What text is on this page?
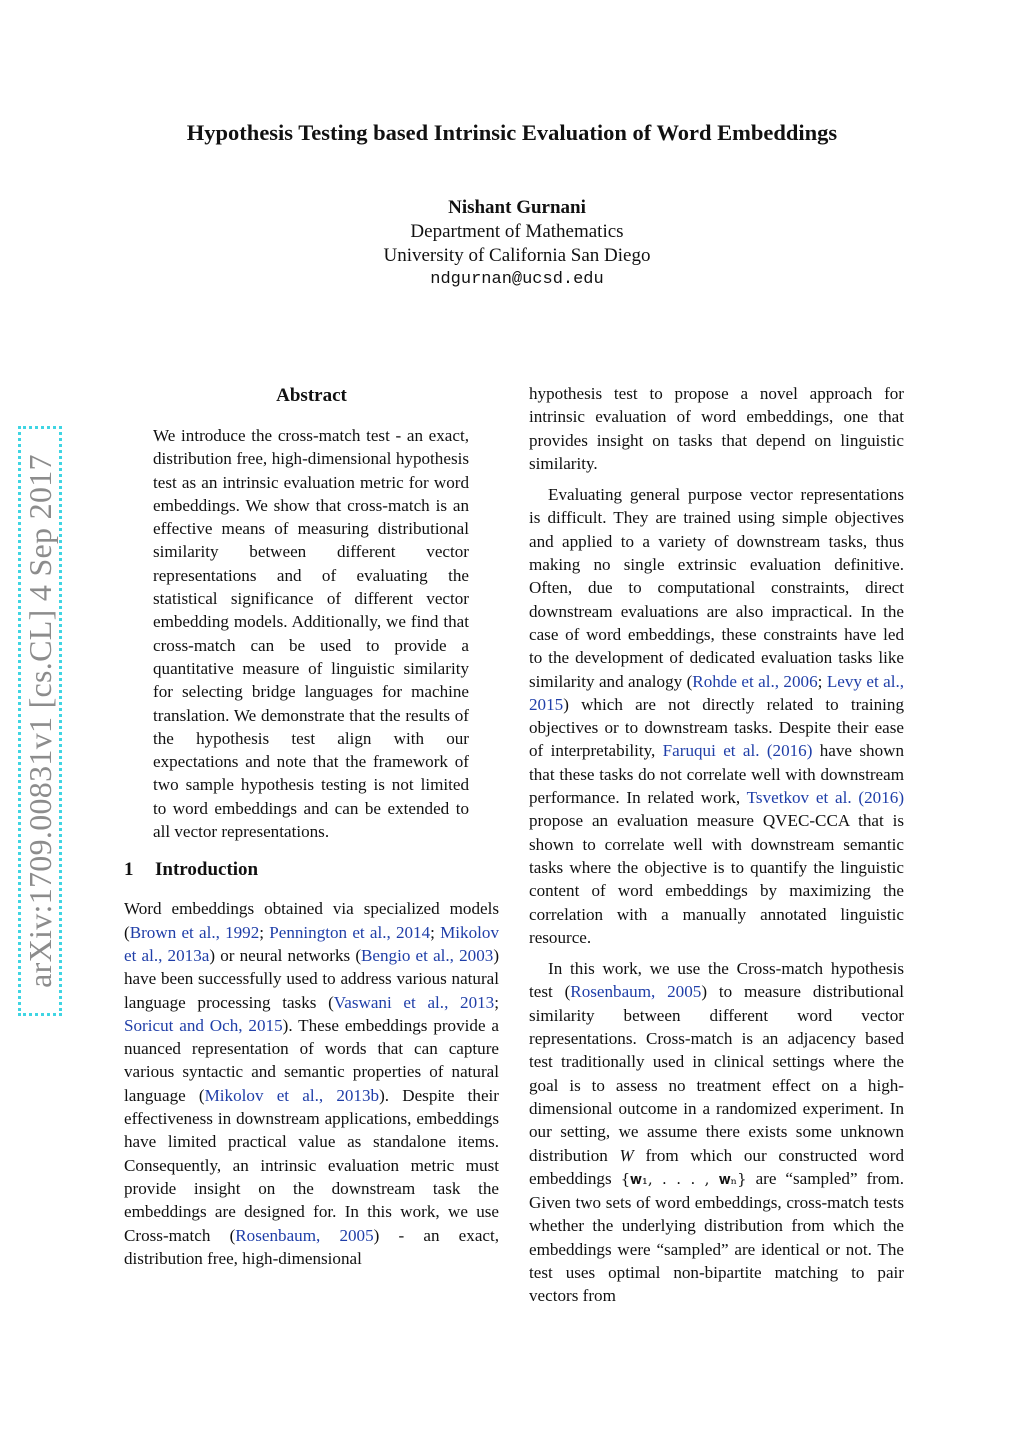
Hypothesis Testing based Intrinsic Evaluation of Word Embeddings
Nishant Gurnani
Department of Mathematics
University of California San Diego
ndgurnan@ucsd.edu
arXiv:1709.00831v1 [cs.CL] 4 Sep 2017
Abstract

We introduce the cross-match test - an exact, distribution free, high-dimensional hypothesis test as an intrinsic evaluation metric for word embeddings. We show that cross-match is an effective means of measuring distributional similarity between different vector representations and of evaluating the statistical significance of different vector embedding models. Additionally, we find that cross-match can be used to provide a quantitative measure of linguistic similarity for selecting bridge languages for machine translation. We demonstrate that the results of the hypothesis test align with our expectations and note that the framework of two sample hypothesis testing is not limited to word embeddings and can be extended to all vector representations.

1	Introduction

Word embeddings obtained via specialized models (Brown et al., 1992; Pennington et al., 2014; Mikolov et al., 2013a) or neural networks (Bengio et al., 2003) have been successfully used to address various natural language processing tasks (Vaswani et al., 2013; Soricut and Och, 2015). These embeddings provide a nuanced representation of words that can capture various syntactic and semantic properties of natural language (Mikolov et al., 2013b). Despite their effectiveness in downstream applications, embeddings have limited practical value as standalone items. Consequently, an intrinsic evaluation metric must provide insight on the downstream task the embeddings are designed for. In this work, we use Cross-match (Rosenbaum, 2005) - an exact, distribution free, high-dimensional

hypothesis test to propose a novel approach for intrinsic evaluation of word embeddings, one that provides insight on tasks that depend on linguistic similarity.

Evaluating general purpose vector representations is difficult. They are trained using simple objectives and applied to a variety of downstream tasks, thus making no single extrinsic evaluation definitive. Often, due to computational constraints, direct downstream evaluations are also impractical. In the case of word embeddings, these constraints have led to the development of dedicated evaluation tasks like similarity and analogy (Rohde et al., 2006; Levy et al., 2015) which are not directly related to training objectives or to downstream tasks. Despite their ease of interpretability, Faruqui et al. (2016) have shown that these tasks do not correlate well with downstream performance. In related work, Tsvetkov et al. (2016) propose an evaluation measure QVEC-CCA that is shown to correlate well with downstream semantic tasks where the objective is to quantify the linguistic content of word embeddings by maximizing the correlation with a manually annotated linguistic resource.

In this work, we use the Cross-match hypothesis test (Rosenbaum, 2005) to measure distributional similarity between different word vector representations. Cross-match is an adjacency based test traditionally used in clinical settings where the goal is to assess no treatment effect on a high-dimensional outcome in a randomized experiment. In our setting, we assume there exists some unknown distribution W from which our constructed word embeddings {𝐰₁, . . . , 𝐰ₙ} are “sampled” from. Given two sets of word embeddings, cross-match tests whether the underlying distribution from which the embeddings were “sampled” are identical or not. The test uses optimal non-bipartite matching to pair vectors from
